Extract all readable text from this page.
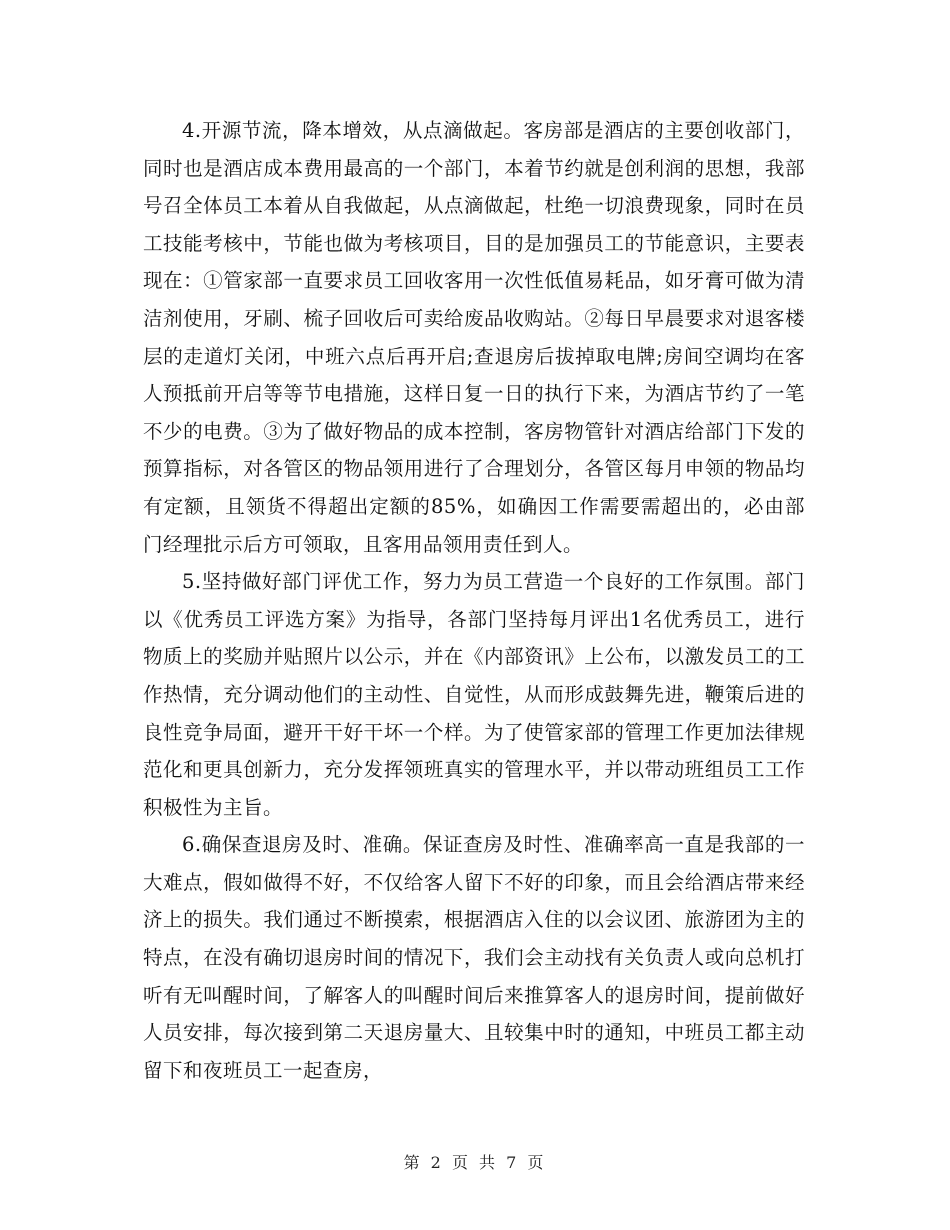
4.开源节流，降本增效，从点滴做起。客房部是酒店的主要创收部门，同时也是酒店成本费用最高的一个部门，本着节约就是创利润的思想，我部号召全体员工本着从自我做起，从点滴做起，杜绝一切浪费现象，同时在员工技能考核中，节能也做为考核项目，目的是加强员工的节能意识，主要表现在：①管家部一直要求员工回收客用一次性低值易耗品，如牙膏可做为清洁剂使用，牙刷、梳子回收后可卖给废品收购站。②每日早晨要求对退客楼层的走道灯关闭，中班六点后再开启;查退房后拔掉取电牌;房间空调均在客人预抵前开启等等节电措施，这样日复一日的执行下来，为酒店节约了一笔不少的电费。③为了做好物品的成本控制，客房物管针对酒店给部门下发的预算指标，对各管区的物品领用进行了合理划分，各管区每月申领的物品均有定额，且领货不得超出定额的85%，如确因工作需要需超出的，必由部门经理批示后方可领取，且客用品领用责任到人。

5.坚持做好部门评优工作，努力为员工营造一个良好的工作氛围。部门以《优秀员工评选方案》为指导，各部门坚持每月评出1名优秀员工，进行物质上的奖励并贴照片以公示，并在《内部资讯》上公布，以激发员工的工作热情，充分调动他们的主动性、自觉性，从而形成鼓舞先进，鞭策后进的良性竞争局面，避开干好干坏一个样。为了使管家部的管理工作更加法律规范化和更具创新力，充分发挥领班真实的管理水平，并以带动班组员工工作积极性为主旨。

6.确保查退房及时、准确。保证查房及时性、准确率高一直是我部的一大难点，假如做得不好，不仅给客人留下不好的印象，而且会给酒店带来经济上的损失。我们通过不断摸索，根据酒店入住的以会议团、旅游团为主的特点，在没有确切退房时间的情况下，我们会主动找有关负责人或向总机打听有无叫醒时间，了解客人的叫醒时间后来推算客人的退房时间，提前做好人员安排，每次接到第二天退房量大、且较集中时的通知，中班员工都主动留下和夜班员工一起查房，

第 2 页 共 7 页
